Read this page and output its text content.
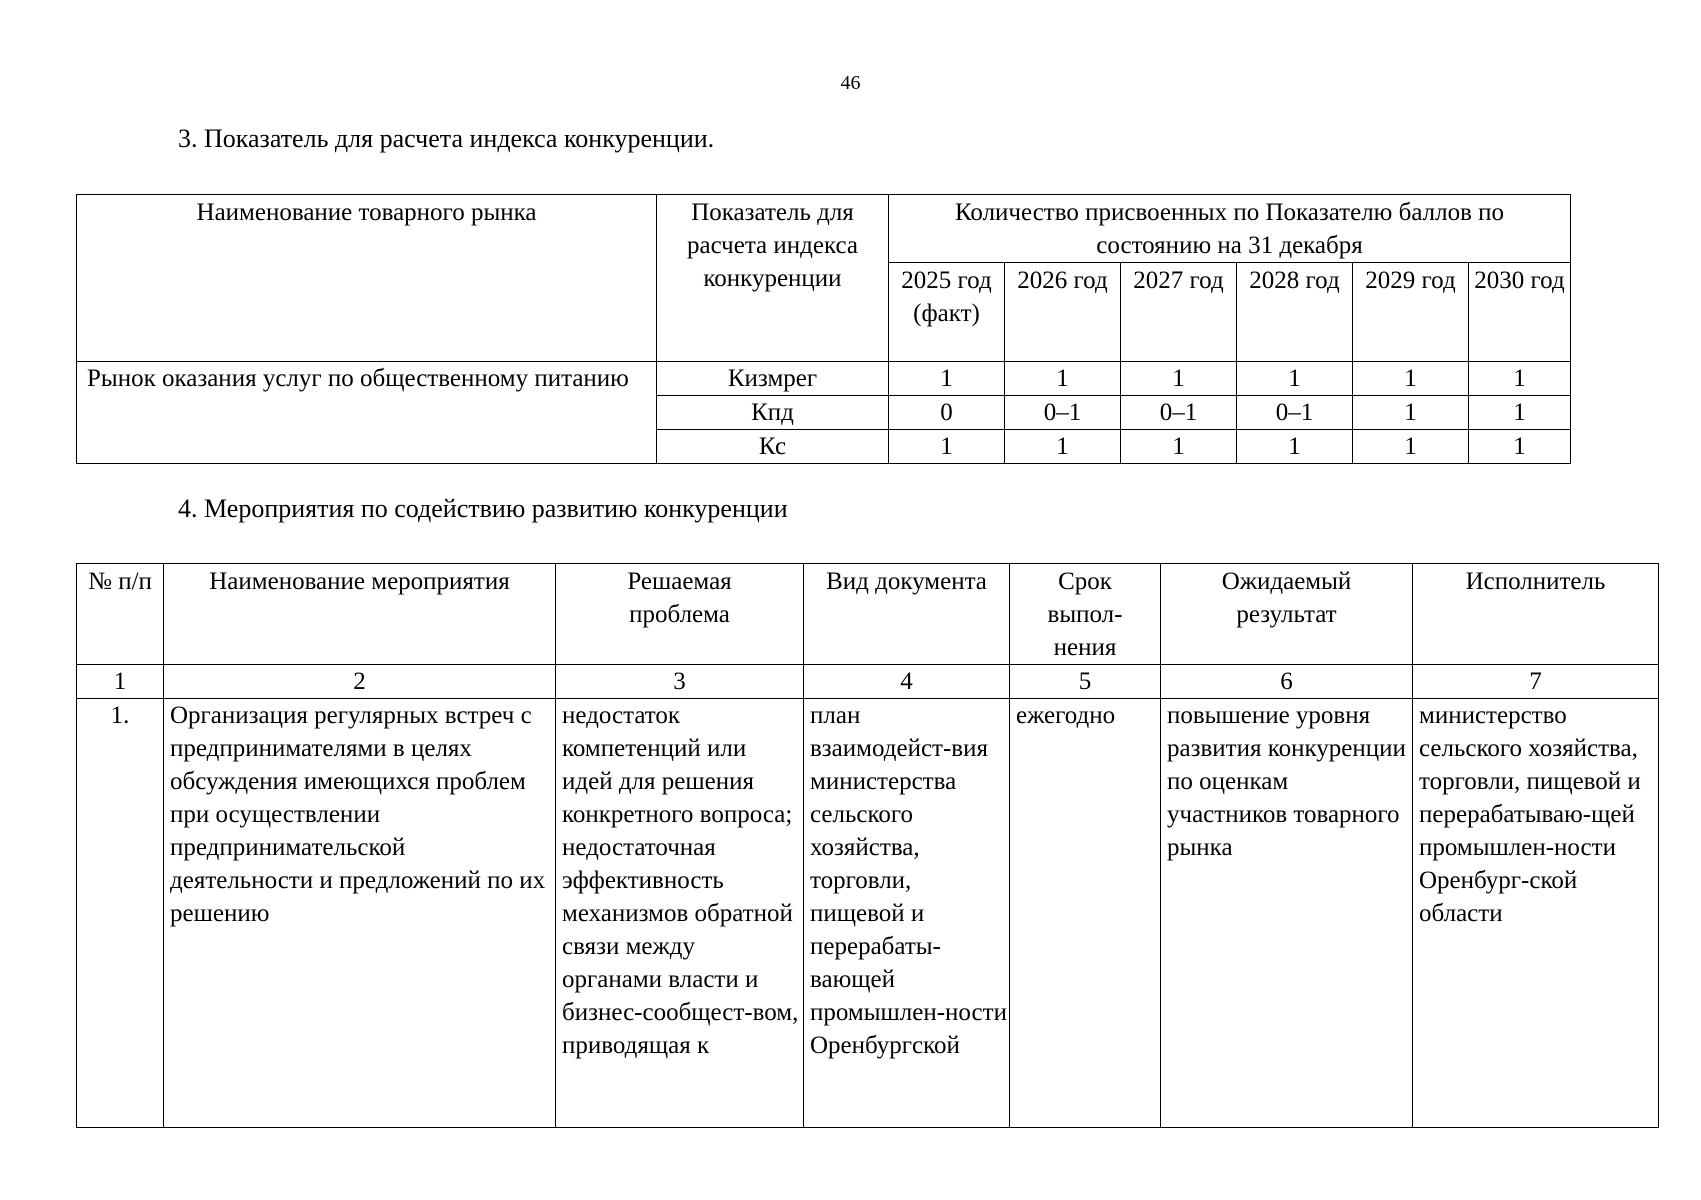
46
3. Показатель для расчета индекса конкуренции.
Наименование товарного рынка	Показатель для расчета индекса конкуренции	Количество присвоенных по Показателю баллов по состоянию на 31 декабря					
		2025 год (факт)	2026 год	2027 год	2028 год	2029 год	2030 год
Рынок оказания услуг по общественному питанию	Кизмрег	1	1	1	1	1	1
	Кпд	0	0–1	0–1	0–1	1	1
	Кс	1	1	1	1	1	1
4. Мероприятия по содействию развитию конкуренции
№ п/п	Наименование мероприятия	Решаемая проблема	Вид документа	Срок выпол-нения	Ожидаемый результат	Исполнитель
1	2	3	4	5	6	7

1.	Организация регулярных встреч с предпринимателями в целях обсуждения имеющихся проблем при осуществлении предпринимательской деятельности и предложений по их решению	недостаток компетенций или идей для решения конкретного вопроса; недостаточная эффективность механизмов обратной связи между органами власти и бизнес-сообщест-вом, приводящая к	план взаимодейст-вия министерства сельского хозяйства, торговли, пищевой и перерабаты-вающей промышлен-ности Оренбургской	ежегодно	повышение уровня развития конкуренции по оценкам участников товарного рынка	министерство сельского хозяйства, торговли, пищевой и перерабатываю-щей промышлен-ности Оренбург-ской области
